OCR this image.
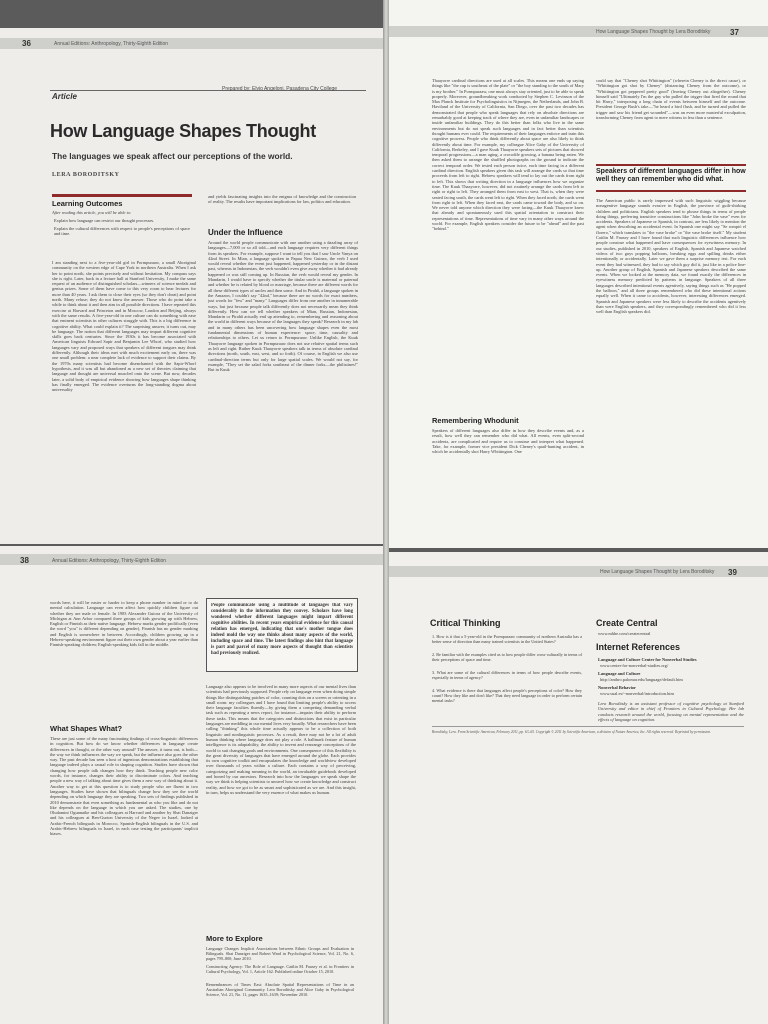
36	Annual Editions: Anthropology, Thirty-Eighth Edition
Article
Prepared by: Elvio Angeloni, Pasadena City College
How Language Shapes Thought
The languages we speak affect our perceptions of the world.
LERA BORODITSKY
Learning Outcomes
After reading this article, you will be able to:
Explain how language can restrict our thought processes.
Explain the cultural differences with respect to people's perceptions of space and time.
I am standing next to a five-year-old girl in Pormpuraaw, a small Aboriginal community on the western edge of Cape York in northern Australia. When I ask her to point north, she points precisely and without hesitation. My compass says she is right. Later, back in a lecture hall at Stanford University, I make the same request of an audience of distinguished scholars—winners of science medals and genius prizes. Some of them have come to this very room to hear lectures for more than 40 years. I ask them to close their eyes (so they don't cheat) and point north. Many refuse; they do not know the answer. Those who do point take a while to think about it and then aim in all possible directions. I have repeated this exercise at Harvard and Princeton and in Moscow, London and Beijing, always with the same results. A five-year-old in one culture can do something with ease that eminent scientists in other cultures struggle with. This is a big difference in cognitive ability. What could explain it? The surprising answer, it turns out, may be language. The notion that different languages may impart different cognitive skills goes back centuries. Since the 1930s it has become associated with American linguists Edward Sapir and Benjamin Lee Whorf, who studied how languages vary and proposed ways that speakers of different tongues may think differently. Although their ideas met with much excitement early on, there was one small problem: a near complete lack of evidence to support their claims. By the 1970s many scientists had become disenchanted with the Sapir-Whorf hypothesis, and it was all but abandoned as a new set of theories claiming that language and thought are universal muscled onto the scene. But now, decades later, a solid body of empirical evidence showing how languages shape thinking has finally emerged. The evidence overturns the long-standing dogma about universality
and yields fascinating insights into the enigma of knowledge and the construction of reality. The results have important implications for law, politics and education.
Under the Influence
Around the world people communicate with one another using a dazzling array of languages—7,000 or so all told—and each language requires very different things from its speakers. For example, suppose I want to tell you that I saw Uncle Vanya on 42nd Street. In Mian, a language spoken in Papua New Guinea, the verb I used would reveal whether the event just happened, happened yesterday or in the distant past, whereas in Indonesian, the verb wouldn't even give away whether it had already happened or was still coming up. In Russian, the verb would reveal my gender. In Mandarin, I would have to specify whether the titular uncle is maternal or paternal and whether he is related by blood or marriage, because there are different words for all these different types of uncles and then some. And in Pirahã, a language spoken in the Amazon, I couldn't say "42nd," because there are no words for exact numbers, just words for "few" and "many." Languages differ from one another in innumerable ways, but just because people talk differently does not necessarily mean they think differently. How can we tell whether speakers of Mian, Russian, Indonesian, Mandarin or Pirahã actually end up attending to, remembering and reasoning about the world in different ways because of the languages they speak? Research in my lab and in many others has been uncovering how language shapes even the most fundamental dimensions of human experience: space, time, causality and relationships to others. Let us return to Pormpuraaw. Unlike English, the Kuuk Thaayorre language spoken in Pormpuraaw does not use relative spatial terms such as left and right. Rather Kuuk Thaayorre speakers talk in terms of absolute cardinal directions (north, south, east, west, and so forth). Of course, in English we also use cardinal-direction terms but only for large spatial scales. We would not say, for example, "They set the salad forks southeast of the dinner forks—the philistines!" But in Kuuk
How Language Shapes Thought by Lera Boroditsky 37
Thaayorre cardinal directions are used at all scales. This means one ends up saying things like "the cup is southeast of the plate" or "the boy standing to the south of Mary is my brother." In Pormpuraaw, one must always stay oriented, just to be able to speak properly. Moreover, groundbreaking work conducted by Stephen C. Levinson of the Max Planck Institute for Psycholinguistics in Nijmegen, the Netherlands, and John B. Haviland of the University of California, San Diego, over the past two decades has demonstrated that people who speak languages that rely on absolute directions are remarkably good at keeping track of where they are, even in unfamiliar landscapes or inside unfamiliar buildings. They do this better than folks who live in the same environments but do not speak such languages and in fact better than scientists thought humans ever could. The requirements of their languages enforce and train this cognitive prowess. People who think differently about space are also likely to think differently about time. For example, my colleague Alice Gaby of the University of California, Berkeley, and I gave Kuuk Thaayorre speakers sets of pictures that showed temporal progressions—a man aging, a crocodile growing, a banana being eaten. We then asked them to arrange the shuffled photographs on the ground to indicate the correct temporal order. We tested each person twice, each time facing in a different cardinal direction. English speakers given this task will arrange the cards so that time proceeds from left to right. Hebrew speakers will tend to lay out the cards from right to left. This shows that writing direction in a language influences how we organize time. The Kuuk Thaayorre, however, did not routinely arrange the cards from left to right or right to left. They arranged them from east to west. That is, when they were seated facing south, the cards went left to right. When they faced north, the cards went from right to left. When they faced east, the cards came toward the body, and so on. We never told anyone which direction they were facing—the Kuuk Thaayorre knew that already and spontaneously used this spatial orientation to construct their representations of time. Representations of time vary in many other ways around the world. For example, English speakers consider the future to be "ahead" and the past "behind."
Remembering Whodunit
Speakers of different languages also differ in how they describe events and, as a result, how well they can remember who did what. All events, even split-second accidents, are complicated and require us to construe and interpret what happened. Take, for example, former vice president Dick Cheney's quail-hunting accident, in which he accidentally shot Harry Whittington. One
could say that "Cheney shot Whittington" (wherein Cheney is the direct cause), or "Whittington got shot by Cheney" (distancing Cheney from the outcome), or "Whittington got peppered pretty good" (leaving Cheney out altogether). Cheney himself said "Ultimately I'm the guy who pulled the trigger that fired the round that hit Harry," interposing a long chain of events between himself and the outcome. President George Bush's take—"he heard a bird flush, and he turned and pulled the trigger and saw his friend get wounded"—was an even more masterful exculpation, transforming Cheney from agent to mere witness in less than a sentence.
Speakers of different languages differ in how well they can remember who did what.
The American public is rarely impressed with such linguistic wiggling because nonagentive language sounds evasive in English, the province of guilt-shirking children and politicians. English speakers tend to phrase things in terms of people doing things, preferring transitive constructions like "John broke the vase" even for accidents. Speakers of Japanese or Spanish, in contrast, are less likely to mention the agent when describing an accidental event. In Spanish one might say "Se rompió el florero," which translates to "the vase broke" or "the vase broke itself." My student Caitlin M. Fausey and I have found that such linguistic differences influence how people construe what happened and have consequences for eyewitness memory. In our studies, published in 2010, speakers of English, Spanish and Japanese watched videos of two guys popping balloons, breaking eggs and spilling drinks either intentionally or accidentally. Later we gave them a surprise memory test. For each event they had witnessed, they had to say which guy did it, just like in a police line-up. Another group of English, Spanish and Japanese speakers described the same events. When we looked at the memory data, we found exactly the differences in eyewitness memory predicted by patterns in language. Speakers of all three languages described intentional events agentively, saying things such as "He popped the balloon," and all three groups remembered who did these intentional actions equally well. When it came to accidents, however, interesting differences emerged. Spanish and Japanese speakers were less likely to describe the accidents agentively than were English speakers, and they correspondingly remembered who did it less well than English speakers did.
38	Annual Editions: Anthropology, Thirty-Eighth Edition
words here, it will be easier or harder to keep a phone number in mind or to do mental calculation. Language can even affect how quickly children figure out whether they are male or female. In 1983 Alexander Guiora of the University of Michigan at Ann Arbor compared three groups of kids growing up with Hebrew, English or Finnish as their native language. Hebrew marks gender prolifically (even the word "you" is different depending on gender), Finnish has no gender marking and English is somewhere in between. Accordingly, children growing up in a Hebrew-speaking environment figure out their own gender about a year earlier than Finnish-speaking children; English-speaking kids fall in the middle.
What Shapes What?
These are just some of the many fascinating findings of cross-linguistic differences in cognition. But how do we know whether differences in language create differences in thought, or the other way around? The answer, it turns out, is both—the way we think influences the way we speak, but the influence also goes the other way. The past decade has seen a host of ingenious demonstrations establishing that language indeed plays a causal role in shaping cognition. Studies have shown that changing how people talk changes how they think. Teaching people new color words, for instance, changes their ability to discriminate colors. And teaching people a new way of talking about time gives them a new way of thinking about it. Another way to get at this question is to study people who are fluent in two languages. Studies have shown that bilinguals change how they see the world depending on which language they are speaking. Two sets of findings published in 2010 demonstrate that even something as fundamental as who you like and do not like depends on the language in which you are asked. The studies, one by Oludamini Ogunnaike and his colleagues at Harvard and another by Shai Danziger and his colleagues at Ben-Gurion University of the Negev in Israel, looked at Arabic-French bilinguals in Morocco, Spanish-English bilinguals in the U.S. and Arabic-Hebrew bilinguals in Israel, in each case testing the participants' implicit biases.
People communicate using a multitude of languages that vary considerably in the information they convey. Scholars have long wondered whether different languages might impart different cognitive abilities. In recent years empirical evidence for this causal relation has emerged, indicating that one's mother tongue does indeed mold the way one thinks about many aspects of the world, including space and time. The latest findings also hint that language is part and parcel of many more aspects of thought than scientists had previously realized.
Language also appears to be involved in many more aspects of our mental lives than scientists had previously supposed. People rely on language even when doing simple things like distinguishing patches of color, counting dots on a screen or orienting in a small room: my colleagues and I have found that limiting people's ability to access their language faculties fluently—by giving them a competing demanding verbal task such as repeating a news report, for instance—impairs their ability to perform these tasks. This means that the categories and distinctions that exist in particular languages are meddling in our mental lives very broadly. What researchers have been calling "thinking" this whole time actually appears to be a collection of both linguistic and nonlinguistic processes. As a result, there may not be a lot of adult human thinking where language does not play a role. A hallmark feature of human intelligence is its adaptability, the ability to invent and rearrange conceptions of the world to suit changing goals and environments. One consequence of this flexibility is the great diversity of languages that have emerged around the globe. Each provides its own cognitive toolkit and encapsulates the knowledge and worldview developed over thousands of years within a culture. Each contains a way of perceiving, categorizing and making meaning in the world, an invaluable guidebook developed and honed by our ancestors. Research into how the languages we speak shape the way we think is helping scientists to unravel how we create knowledge and construct reality, and how we got to be as smart and sophisticated as we are. And this insight, in turn, helps us understand the very essence of what makes us human.
More to Explore
Language Changes Implicit Associations between Ethnic Groups and Evaluation in Bilinguals. Shai Danziger and Robert Ward in Psychological Science, Vol. 21, No. 6, pages 799–800; June 2010.
Constructing Agency: The Role of Language. Caitlin M. Fausey et al. in Frontiers in Cultural Psychology, Vol. 1, Article 162. Published online October 15, 2010.
Remembrances of Times East: Absolute Spatial Representations of Time in an Australian Aboriginal Community. Lera Boroditsky and Alice Gaby in Psychological Science, Vol. 21, No. 11, pages 1635–1639; November 2010.
How Language Shapes Thought by Lera Boroditsky 39
Critical Thinking
1. How is it that a 5-year-old in the Pormpuraaw community of northern Australia has a better sense of direction than many trained scientists in the United States?
2. Be familiar with the examples cited as to how people differ cross-culturally in terms of their perceptions of space and time.
3. What are some of the cultural differences in terms of how people describe events, especially in terms of agency?
4. What evidence is there that languages affect people's perceptions of color? How they count? How they like and don't like? That they need language in order to perform certain mental tasks?
Boroditsky, Lera. From Scientific American, February 2011, pp. 63–65. Copyright © 2011 by Scientific American, a division of Nature America, Inc. All rights reserved. Reprinted by permission.
Create Central
www.mhhe.com/createcentral
Internet References
Language and Culture Center for Nonverbal Studies
www.center-for-nonverbal-studies.org/
Language and Culture
http://anthro.palomar.edu/language/default.htm
Nonverbal Behavior
www.usal.es/~nonverbal/introduction.htm
Lera Boroditsky is an assistant professor of cognitive psychology at Stanford University and editor in chief of Frontiers in Cultural Psychology. Her lab conducts research around the world, focusing on mental representation and the effects of language on cognition.
